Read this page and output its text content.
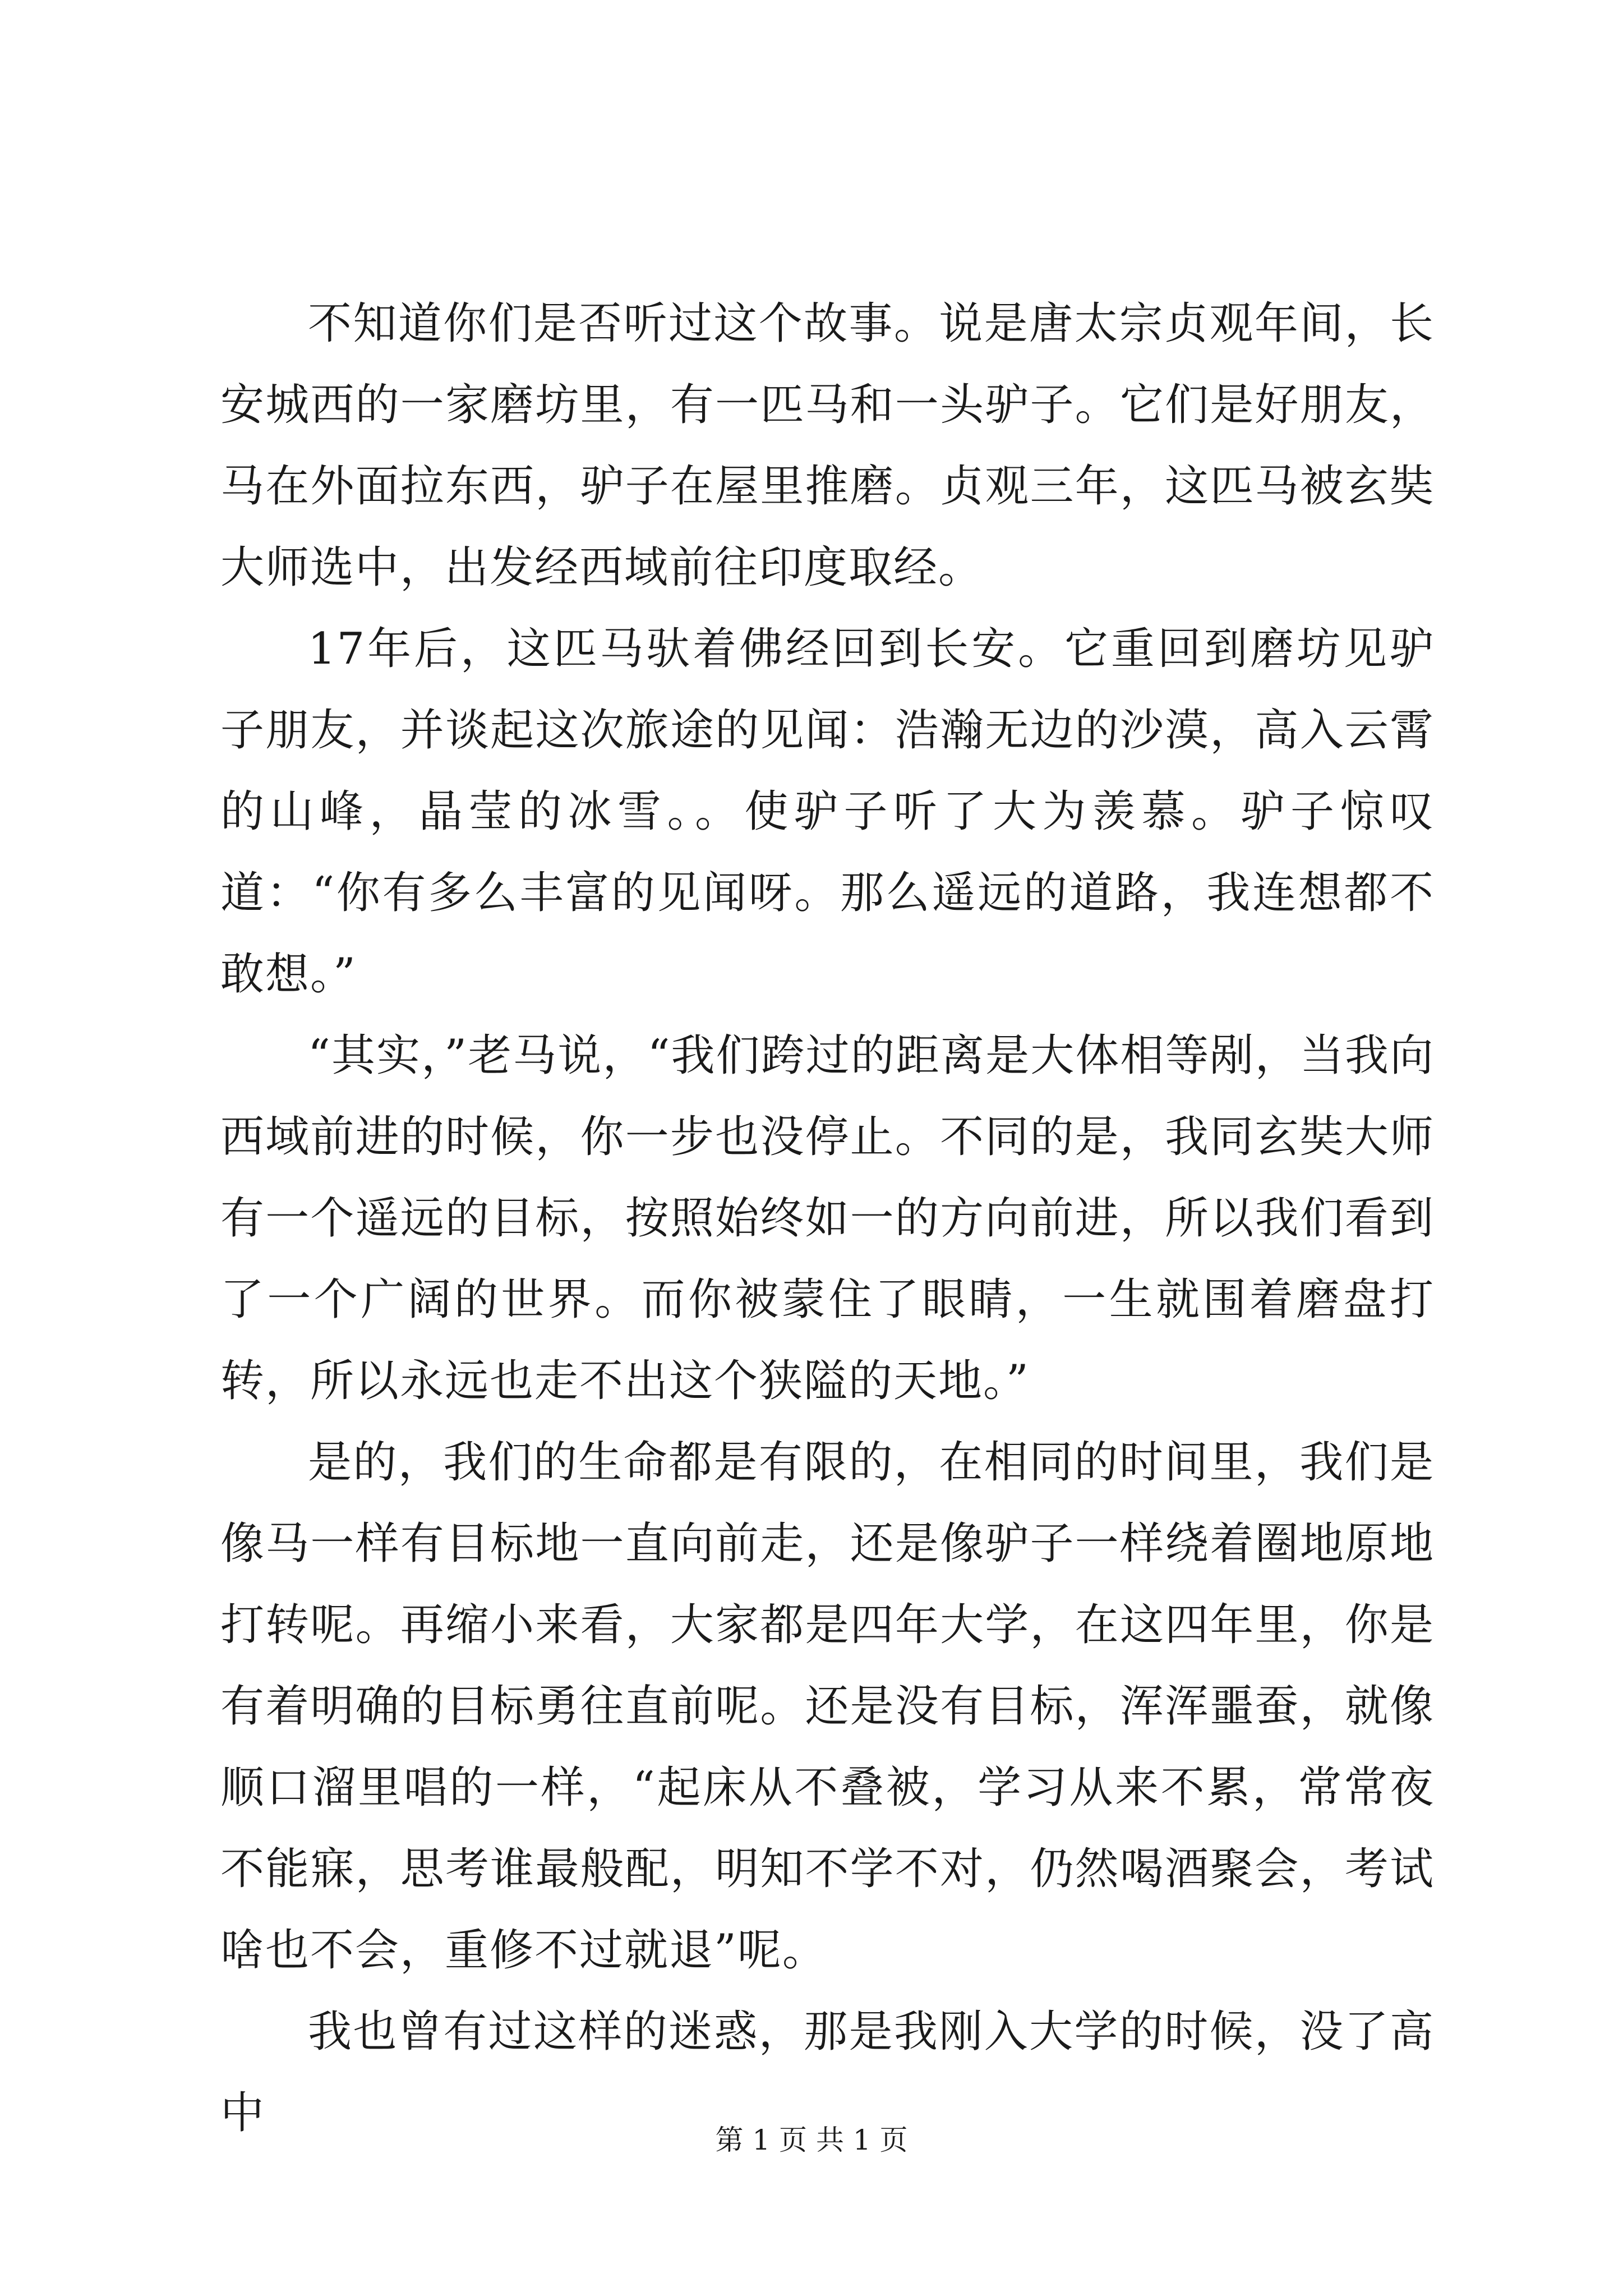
不知道你们是否听过这个故事。说是唐太宗贞观年间，长安城西的一家磨坊里，有一匹马和一头驴子。它们是好朋友，马在外面拉东西，驴子在屋里推磨。贞观三年，这匹马被玄奘大师选中，出发经西域前往印度取经。

17年后，这匹马驮着佛经回到长安。它重回到磨坊见驴子朋友，并谈起这次旅途的见闻：浩瀚无边的沙漠，高入云霄的山峰，晶莹的冰雪。。使驴子听了大为羡慕。驴子惊叹道：“你有多么丰富的见闻呀。那么遥远的道路，我连想都不敢想。”

“其实，”老马说，“我们跨过的距离是大体相等剐，当我向西域前进的时候，你一步也没停止。不同的是，我同玄奘大师有一个遥远的目标，按照始终如一的方向前进，所以我们看到了一个广阔的世界。而你被蒙住了眼睛，一生就围着磨盘打转，所以永远也走不出这个狭隘的天地。”

是的，我们的生命都是有限的，在相同的时间里，我们是像马一样有目标地一直向前走，还是像驴子一样绕着圈地原地打转呢。再缩小来看，大家都是四年大学，在这四年里，你是有着明确的目标勇往直前呢。还是没有目标，浑浑噩蚕，就像顺口溜里唱的一样，“起床从不叠被，学习从来不累，常常夜不能寐，思考谁最般配，明知不学不对，仍然喝酒聚会，考试啥也不会，重修不过就退”呢。

我也曾有过这样的迷惑，那是我刚入大学的时候，没了高中

第 1 页 共 1 页
